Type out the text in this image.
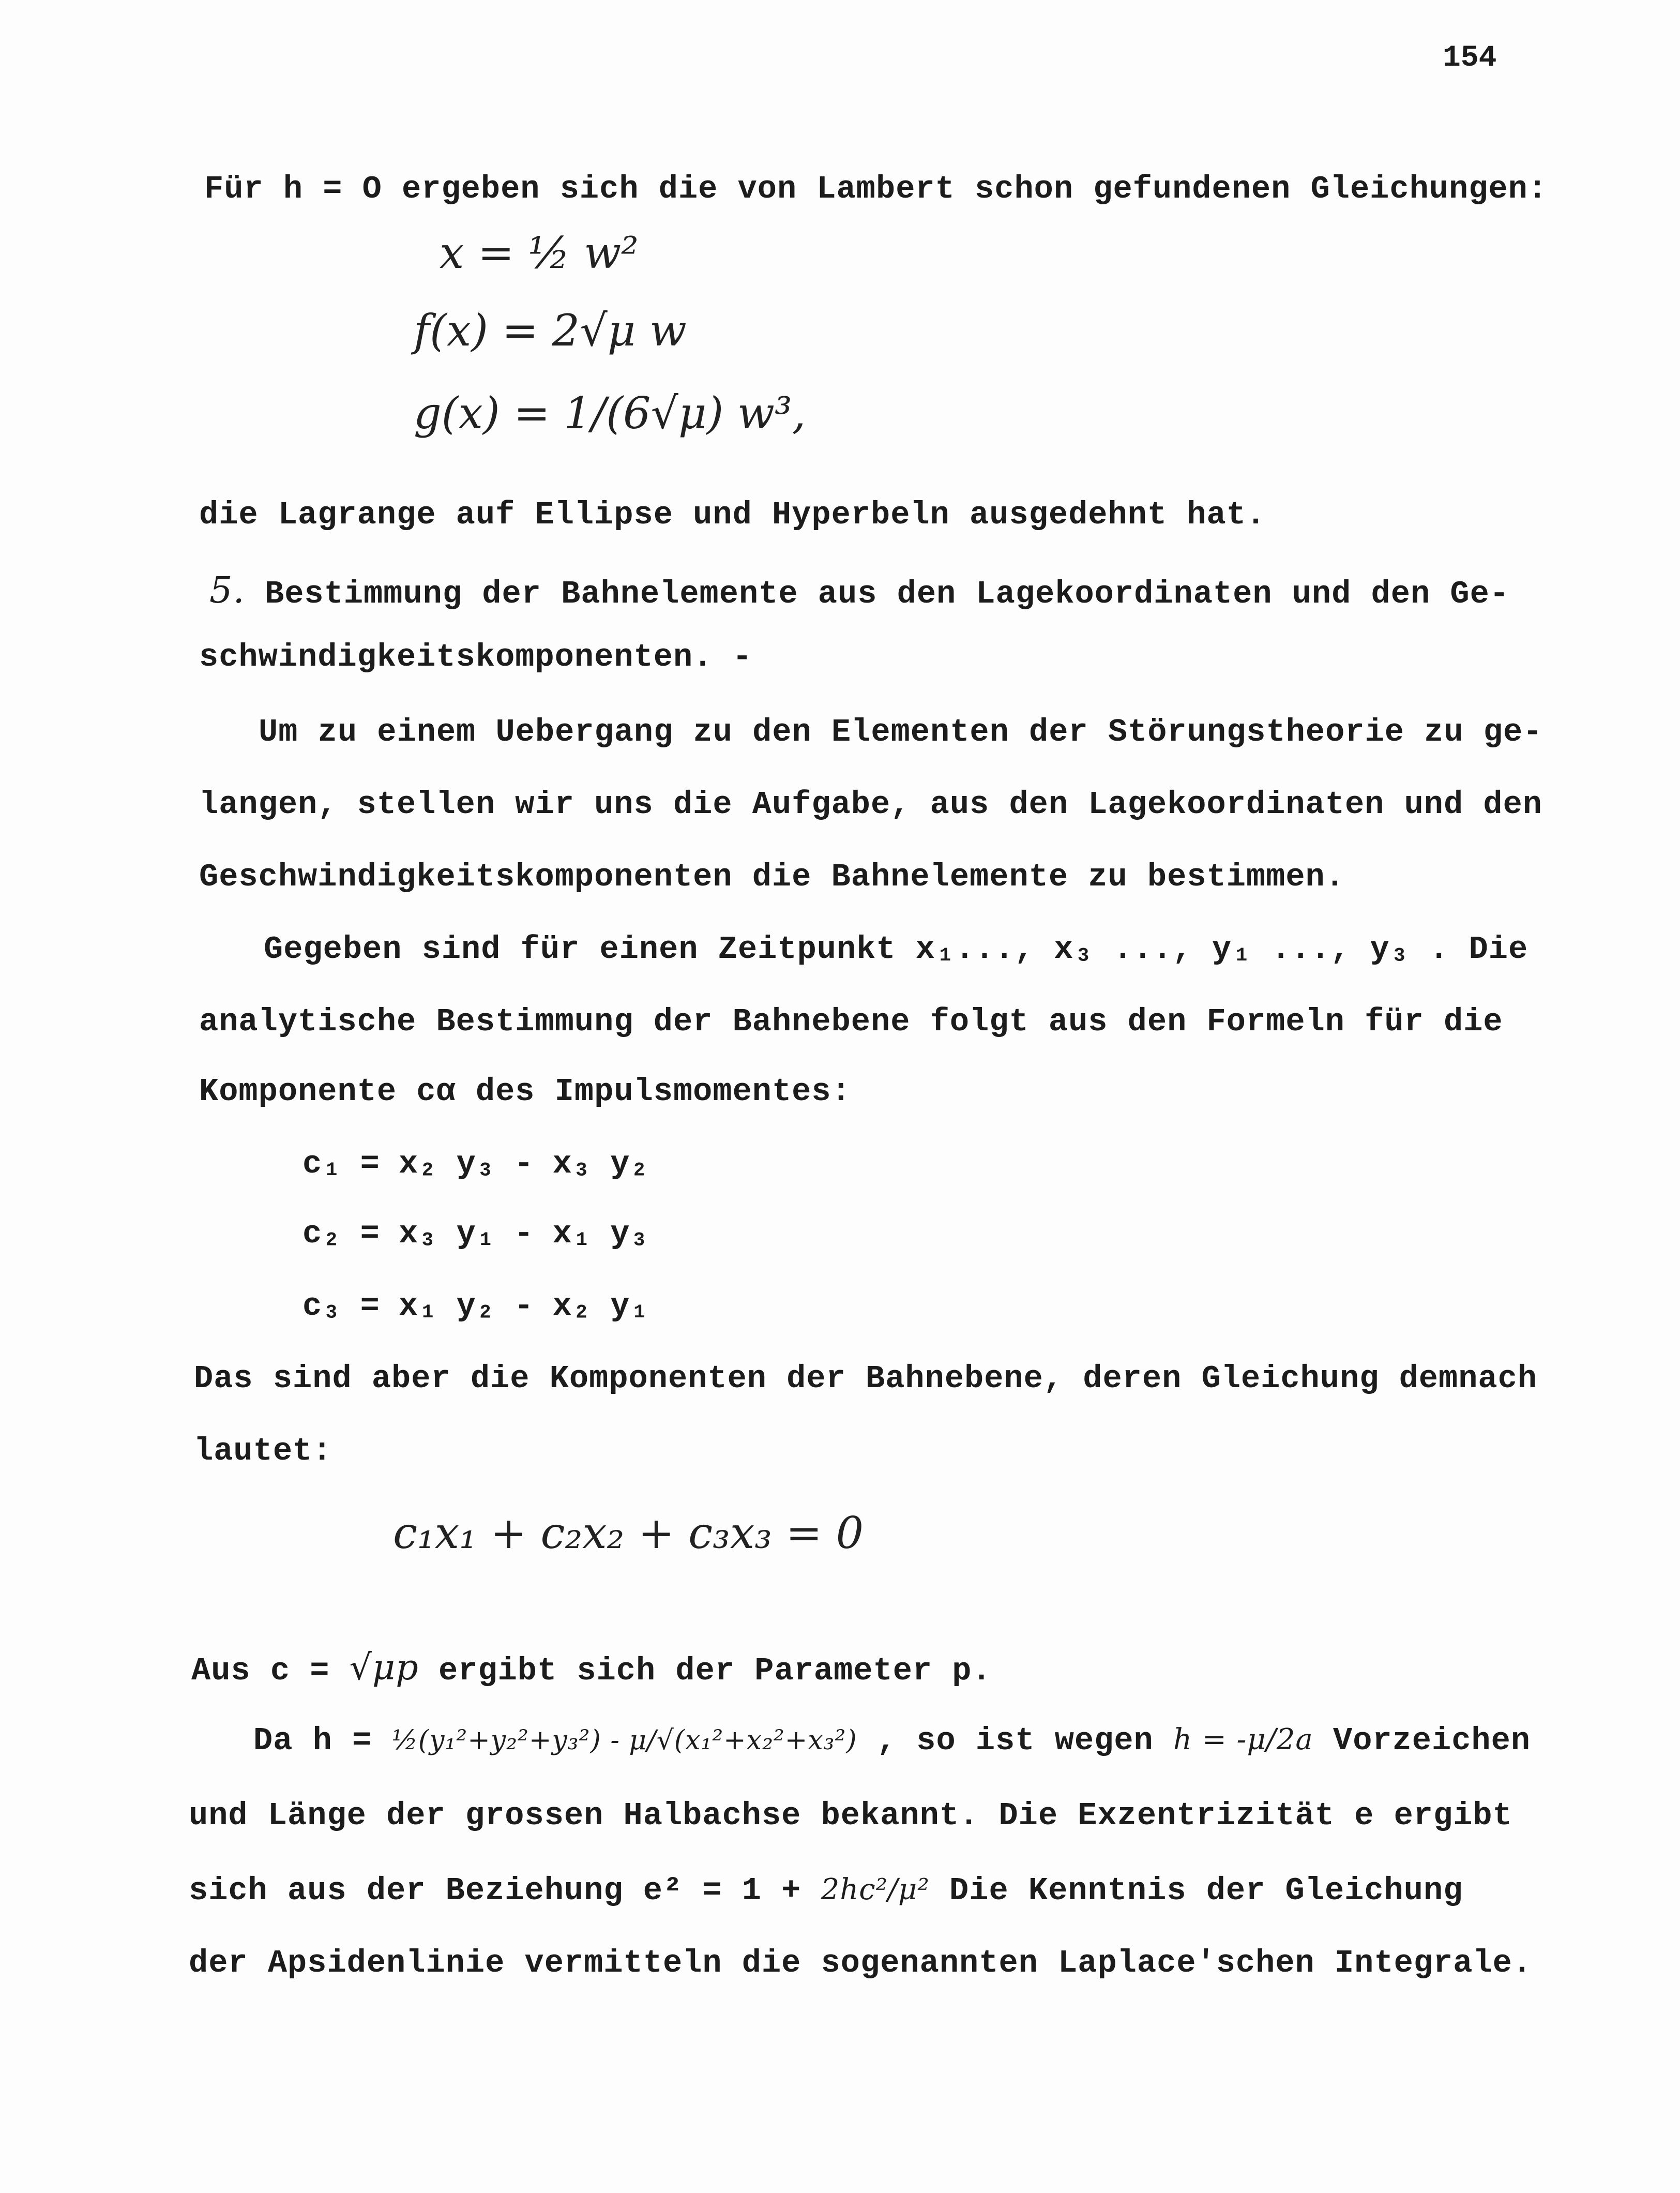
154
Für h = O ergeben sich die von Lambert schon gefundenen Gleichungen:
x = ½ w²
f(x) = 2√μ w
g(x) = 1/(6√μ) w³,
die Lagrange auf Ellipse und Hyperbeln ausgedehnt hat.
5. Bestimmung der Bahnelemente aus den Lagekoordinaten und den Ge-
schwindigkeitskomponenten. -
Um zu einem Uebergang zu den Elementen der Störungstheorie zu ge-
langen, stellen wir uns die Aufgabe, aus den Lagekoordinaten und den
Geschwindigkeitskomponenten die Bahnelemente zu bestimmen.
Gegeben sind für einen Zeitpunkt x₁..., x₃ ..., y₁ ..., y₃ . Die
analytische Bestimmung der Bahnebene folgt aus den Formeln für die
Komponente cα des Impulsmomentes:
c₁ = x₂ y₃ - x₃ y₂
c₂ = x₃ y₁ - x₁ y₃
c₃ = x₁ y₂ - x₂ y₁
Das sind aber die Komponenten der Bahnebene, deren Gleichung demnach
lautet:
c₁x₁ + c₂x₂ + c₃x₃ = 0
Aus c = √μp ergibt sich der Parameter p.
Da h = ½(y₁²+y₂²+y₃²) - μ/√(x₁²+x₂²+x₃²) , so ist wegen h = -μ/2a Vorzeichen
und Länge der grossen Halbachse bekannt. Die Exzentrizität e ergibt
sich aus der Beziehung e² = 1 + 2hc²/μ² Die Kenntnis der Gleichung
der Apsidenlinie vermitteln die sogenannten Laplace'schen Integrale.
